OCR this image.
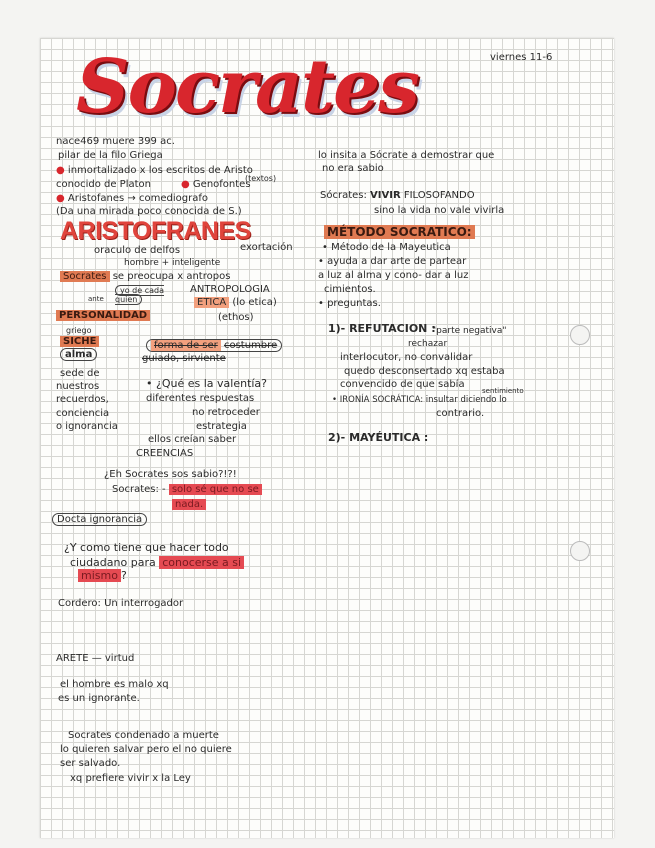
viernes 11-6
Socrates
nace469 muere 399 ac.
pilar de la filo Griega
● inmortalizado x los escritos de Aristo
conocido de Platon	● Genofontes
(textos)
● Aristofanes → comediografo
(Da una mirada poco conocida de S.)
ARISTOFRANES
oraculo de delfos	exortación
hombre + inteligente
Socrates se preocupa x antropos
yo de cada quien
ante
ANTROPOLOGIA
ETICA (lo etica)
(ethos)
PERSONALIDAD
griego
SICHE
alma
forma de ser costumbre
guiado, sirviente
sede de
nuestros
recuerdos,
conciencia
o ignorancia
• ¿Qué es la valentía?
diferentes respuestas
no retroceder
estrategia
ellos creían saber
CREENCIAS
¿Eh Socrates sos sabio?!?!
Socrates: - solo sé que no se
nada.
Docta ignorancia
¿Y como tiene que hacer todo
ciudadano para conocerse a si
mismo ?
Cordero: Un interrogador
ARETE — virtud
el hombre es malo xq
es un ignorante.
Socrates condenado a muerte
lo quieren salvar pero el no quiere
ser salvado.
xq prefiere vivir x la Ley
lo insita a Sócrate a demostrar que
no era sabio
Sócrates: VIVIR FILOSOFANDO
sino la vida no vale vivirla
MÉTODO SOCRATICO:
• Método de la Mayeutica
• ayuda a dar arte de partear
a luz al alma y cono- dar a luz
cimientos.
• preguntas.
1)- REFUTACION :
"parte negativa"
rechazar
interlocutor, no convalidar
quedo desconsertado xq estaba
convencido de que sabía
sentimiento
• IRONÍA SOCRÁTICA: insultar diciendo lo
contrario.
2)- MAYÉUTICA :
